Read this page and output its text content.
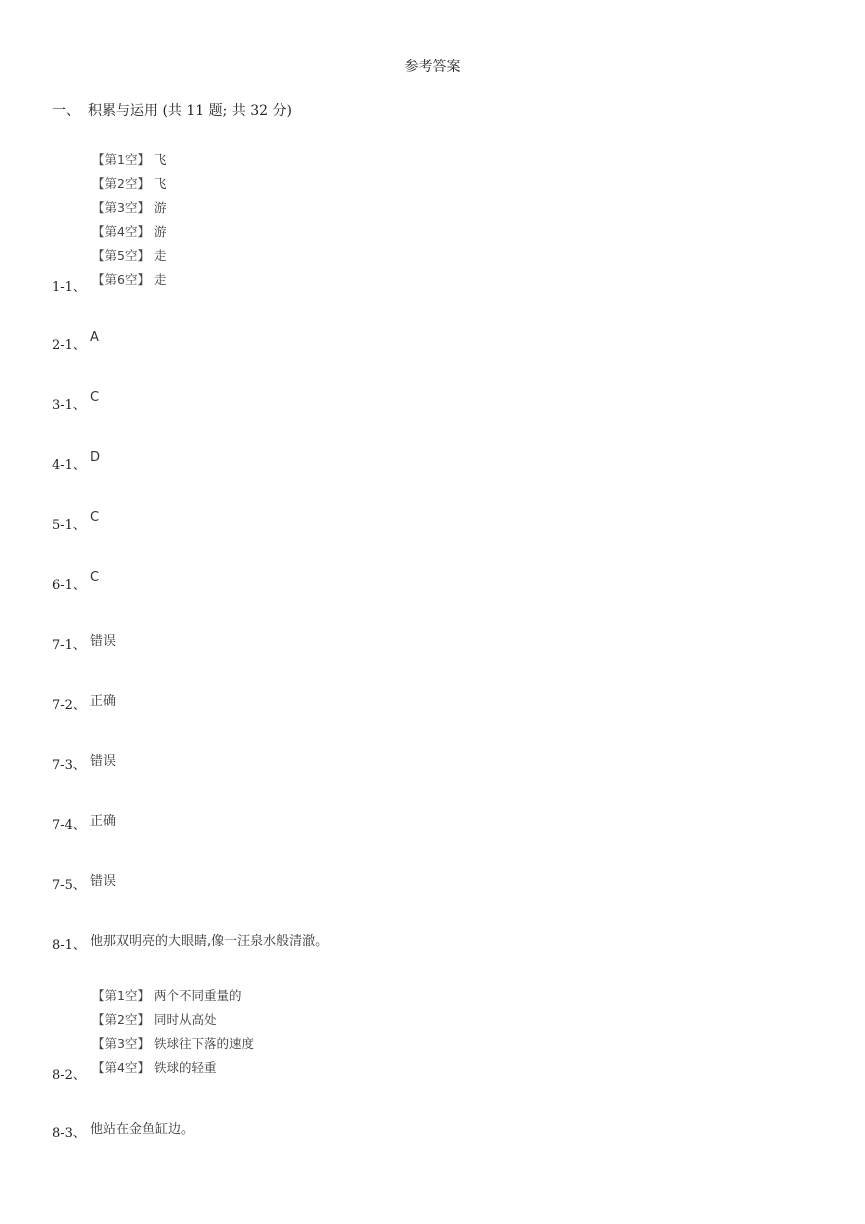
参考答案
一、 积累与运用 (共 11 题; 共 32 分)
【第1空】 飞
【第2空】 飞
【第3空】 游
【第4空】 游
【第5空】 走
【第6空】 走
1-1、
2-1、
A
3-1、
C
4-1、
D
5-1、
C
6-1、
C
7-1、 错误
7-2、 正确
7-3、 错误
7-4、 正确
7-5、 错误
8-1、 他那双明亮的大眼睛,像一汪泉水般清澈。
【第1空】 两个不同重量的
【第2空】 同时从高处
【第3空】 铁球往下落的速度
【第4空】 铁球的轻重
8-2、
8-3、 他站在金鱼缸边。
